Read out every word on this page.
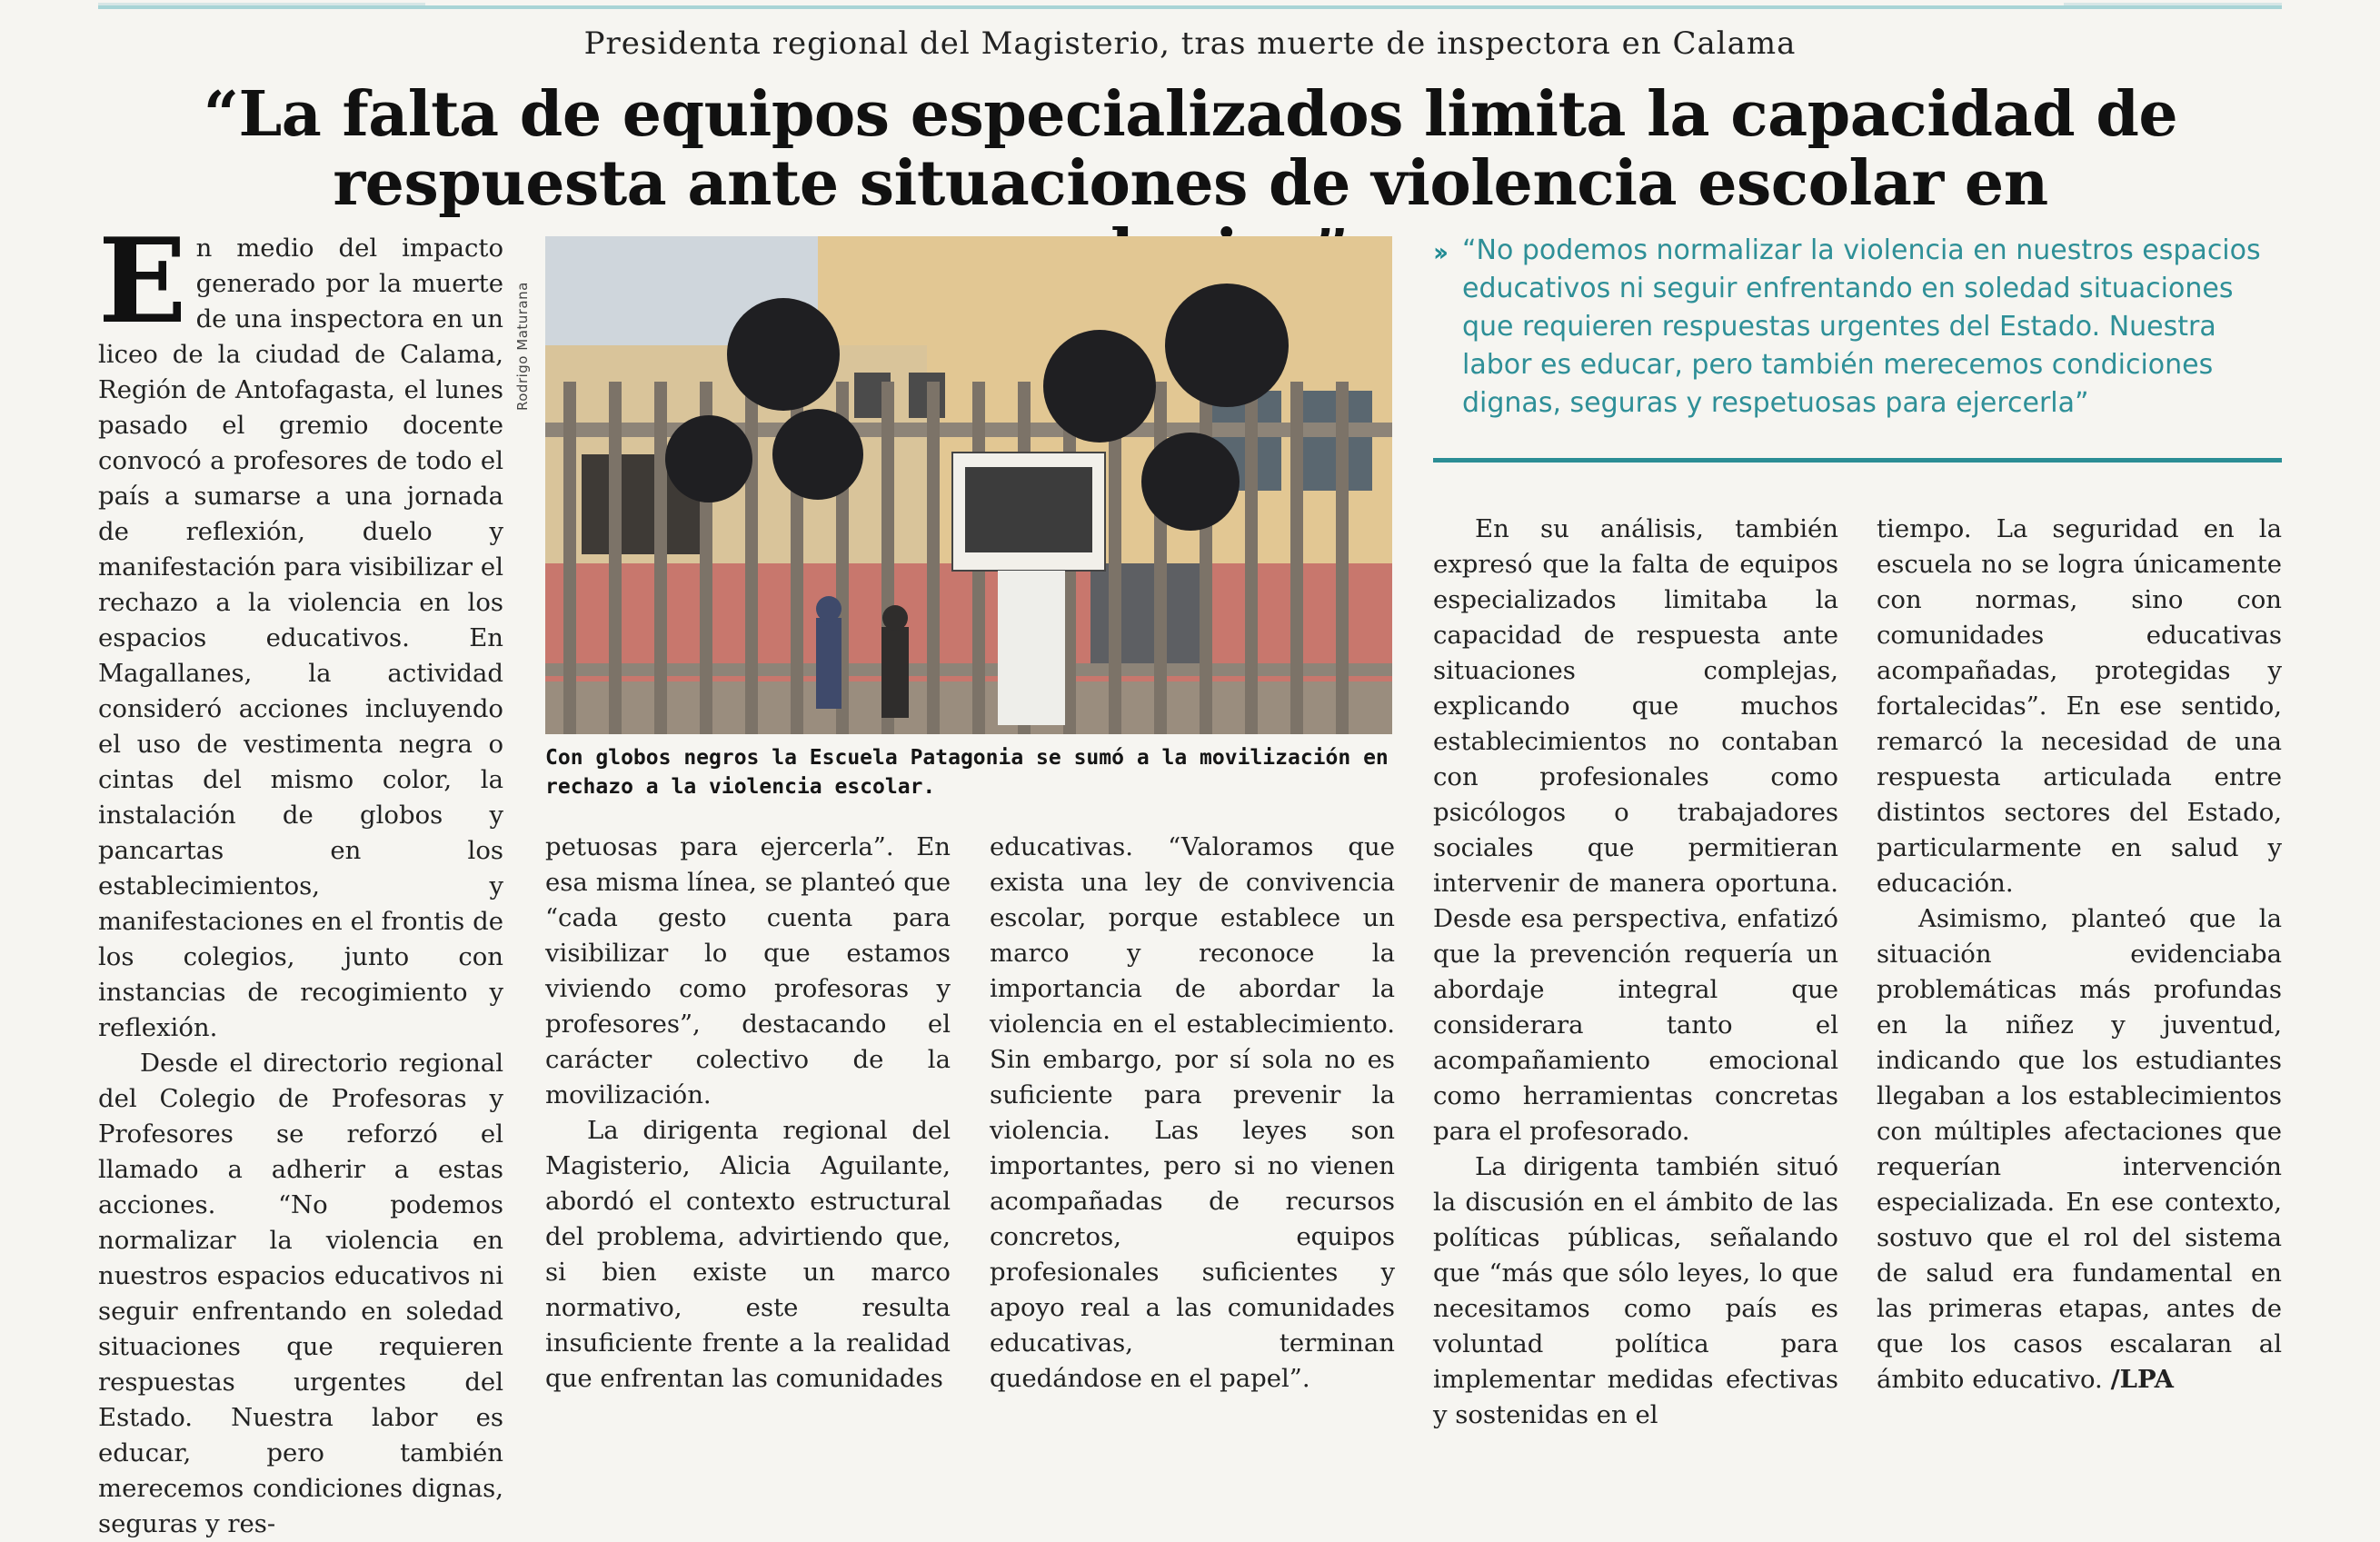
Presidenta regional del Magisterio, tras muerte de inspectora en Calama
“La falta de equipos especializados limita la capacidad de
respuesta ante situaciones de violencia escolar en

En medio del impacto generado por la muerte de una inspectora en un liceo de la ciudad de Calama, Región de Antofagasta, el lunes pasado el gremio docente convocó a profesores de todo el país a sumarse a una jornada de reflexión, duelo y manifestación para visibilizar el rechazo a la violencia en los espacios educativos. En Magallanes, la actividad consideró acciones incluyendo el uso de vestimenta negra o cintas del mismo color, la instalación de globos y pancartas en los establecimientos, y manifestaciones en el frontis de los colegios, junto con instancias de recogimiento y reflexión.

Desde el directorio regional del Colegio de Profesoras y Profesores se reforzó el llamado a adherir a estas acciones. “No podemos normalizar la violencia en nuestros espacios educativos ni seguir enfrentando en soledad situaciones que requieren respuestas urgentes del Estado. Nuestra labor es educar, pero también merecemos condiciones dignas, seguras y res-

Rodrigo Maturana
Con globos negros la Escuela Patagonia se sumó a la movilización en rechazo a la violencia escolar.
›› “No podemos normalizar la violencia en nuestros espacios educativos ni seguir enfrentando en soledad situaciones que requieren respuestas urgentes del Estado. Nuestra labor es educar, pero también merecemos condiciones dignas, seguras y respetuosas para ejercerla”

petuosas para ejercerla”. En esa misma línea, se planteó que “cada gesto cuenta para visibilizar lo que estamos viviendo como profesoras y profesores”, destacando el carácter colectivo de la movilización.

La dirigenta regional del Magisterio, Alicia Aguilante, abordó el contexto estructural del problema, advirtiendo que, si bien existe un marco normativo, este resulta insuficiente frente a la realidad que enfrentan las comunidades

educativas. “Valoramos que exista una ley de convivencia escolar, porque establece un marco y reconoce la importancia de abordar la violencia en el establecimiento. Sin embargo, por sí sola no es suficiente para prevenir la violencia. Las leyes son importantes, pero si no vienen acompañadas de recursos concretos, equipos profesionales suficientes y apoyo real a las comunidades educativas, terminan quedándose en el papel”.

En su análisis, también expresó que la falta de equipos especializados limitaba la capacidad de respuesta ante situaciones complejas, explicando que muchos establecimientos no contaban con profesionales como psicólogos o trabajadores sociales que permitieran intervenir de manera oportuna. Desde esa perspectiva, enfatizó que la prevención requería un abordaje integral que considerara tanto el acompañamiento emocional como herramientas concretas para el profesorado.

La dirigenta también situó la discusión en el ámbito de las políticas públicas, señalando que “más que sólo leyes, lo que necesitamos como país es voluntad política para implementar medidas efectivas y sostenidas en el

tiempo. La seguridad en la escuela no se logra únicamente con normas, sino con comunidades educativas acompañadas, protegidas y fortalecidas”. En ese sentido, remarcó la necesidad de una respuesta articulada entre distintos sectores del Estado, particularmente en salud y educación.

Asimismo, planteó que la situación evidenciaba problemáticas más profundas en la niñez y juventud, indicando que los estudiantes llegaban a los establecimientos con múltiples afectaciones que requerían intervención especializada. En ese contexto, sostuvo que el rol del sistema de salud era fundamental en las primeras etapas, antes de que los casos escalaran al ámbito educativo. /LPA
